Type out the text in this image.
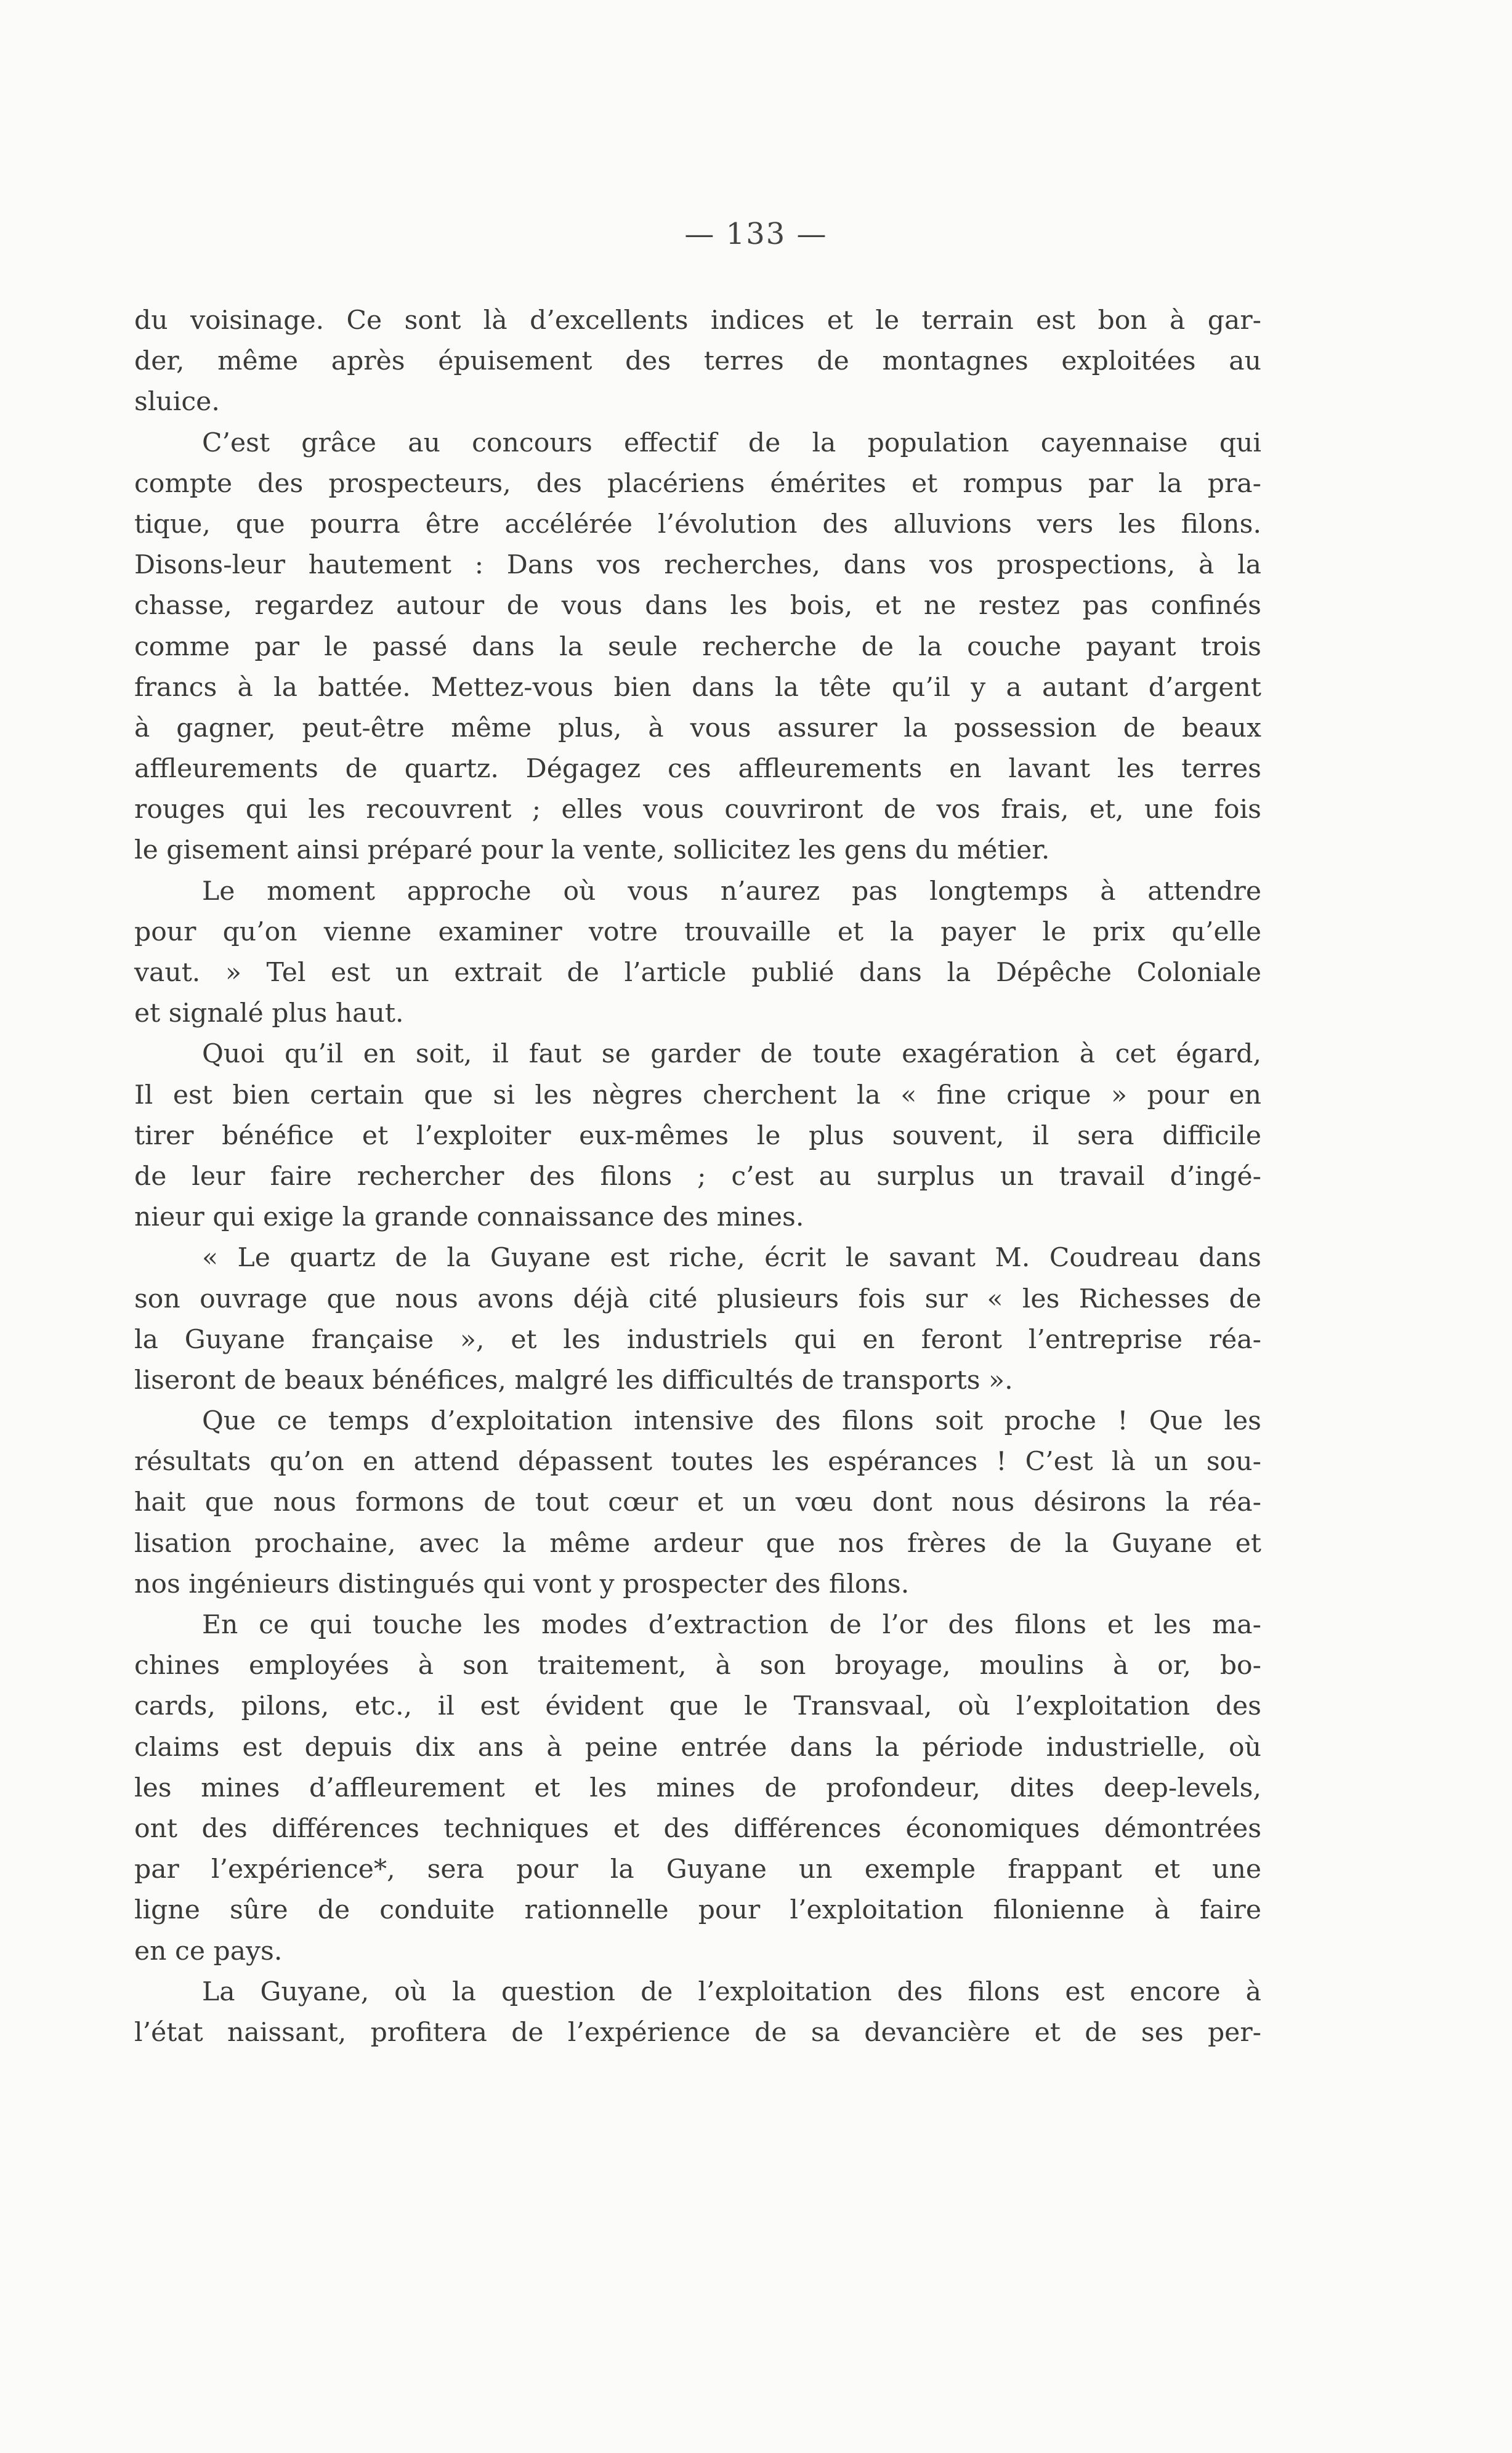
— 133 —
du voisinage. Ce sont là d’excellents indices et le terrain est bon à gar-
der, même après épuisement des terres de montagnes exploitées au
sluice.
C’est grâce au concours effectif de la population cayennaise qui
compte des prospecteurs, des placériens émérites et rompus par la pra-
tique, que pourra être accélérée l’évolution des alluvions vers les filons.
Disons-leur hautement : Dans vos recherches, dans vos prospections, à la
chasse, regardez autour de vous dans les bois, et ne restez pas confinés
comme par le passé dans la seule recherche de la couche payant trois
francs à la battée. Mettez-vous bien dans la tête qu’il y a autant d’argent
à gagner, peut-être même plus, à vous assurer la possession de beaux
affleurements de quartz. Dégagez ces affleurements en lavant les terres
rouges qui les recouvrent ; elles vous couvriront de vos frais, et, une fois
le gisement ainsi préparé pour la vente, sollicitez les gens du métier.
Le moment approche où vous n’aurez pas longtemps à attendre
pour qu’on vienne examiner votre trouvaille et la payer le prix qu’elle
vaut. » Tel est un extrait de l’article publié dans la Dépêche Coloniale
et signalé plus haut.
Quoi qu’il en soit, il faut se garder de toute exagération à cet égard,
Il est bien certain que si les nègres cherchent la « fine crique » pour en
tirer bénéfice et l’exploiter eux-mêmes le plus souvent, il sera difficile
de leur faire rechercher des filons ; c’est au surplus un travail d’ingé-
nieur qui exige la grande connaissance des mines.
« Le quartz de la Guyane est riche, écrit le savant M. Coudreau dans
son ouvrage que nous avons déjà cité plusieurs fois sur « les Richesses de
la Guyane française », et les industriels qui en feront l’entreprise réa-
liseront de beaux bénéfices, malgré les difficultés de transports ».
Que ce temps d’exploitation intensive des filons soit proche ! Que les
résultats qu’on en attend dépassent toutes les espérances ! C’est là un sou-
hait que nous formons de tout cœur et un vœu dont nous désirons la réa-
lisation prochaine, avec la même ardeur que nos frères de la Guyane et
nos ingénieurs distingués qui vont y prospecter des filons.
En ce qui touche les modes d’extraction de l’or des filons et les ma-
chines employées à son traitement, à son broyage, moulins à or, bo-
cards, pilons, etc., il est évident que le Transvaal, où l’exploitation des
claims est depuis dix ans à peine entrée dans la période industrielle, où
les mines d’affleurement et les mines de profondeur, dites deep-levels,
ont des différences techniques et des différences économiques démontrées
par l’expérience*, sera pour la Guyane un exemple frappant et une
ligne sûre de conduite rationnelle pour l’exploitation filonienne à faire
en ce pays.
La Guyane, où la question de l’exploitation des filons est encore à
l’état naissant, profitera de l’expérience de sa devancière et de ses per-
